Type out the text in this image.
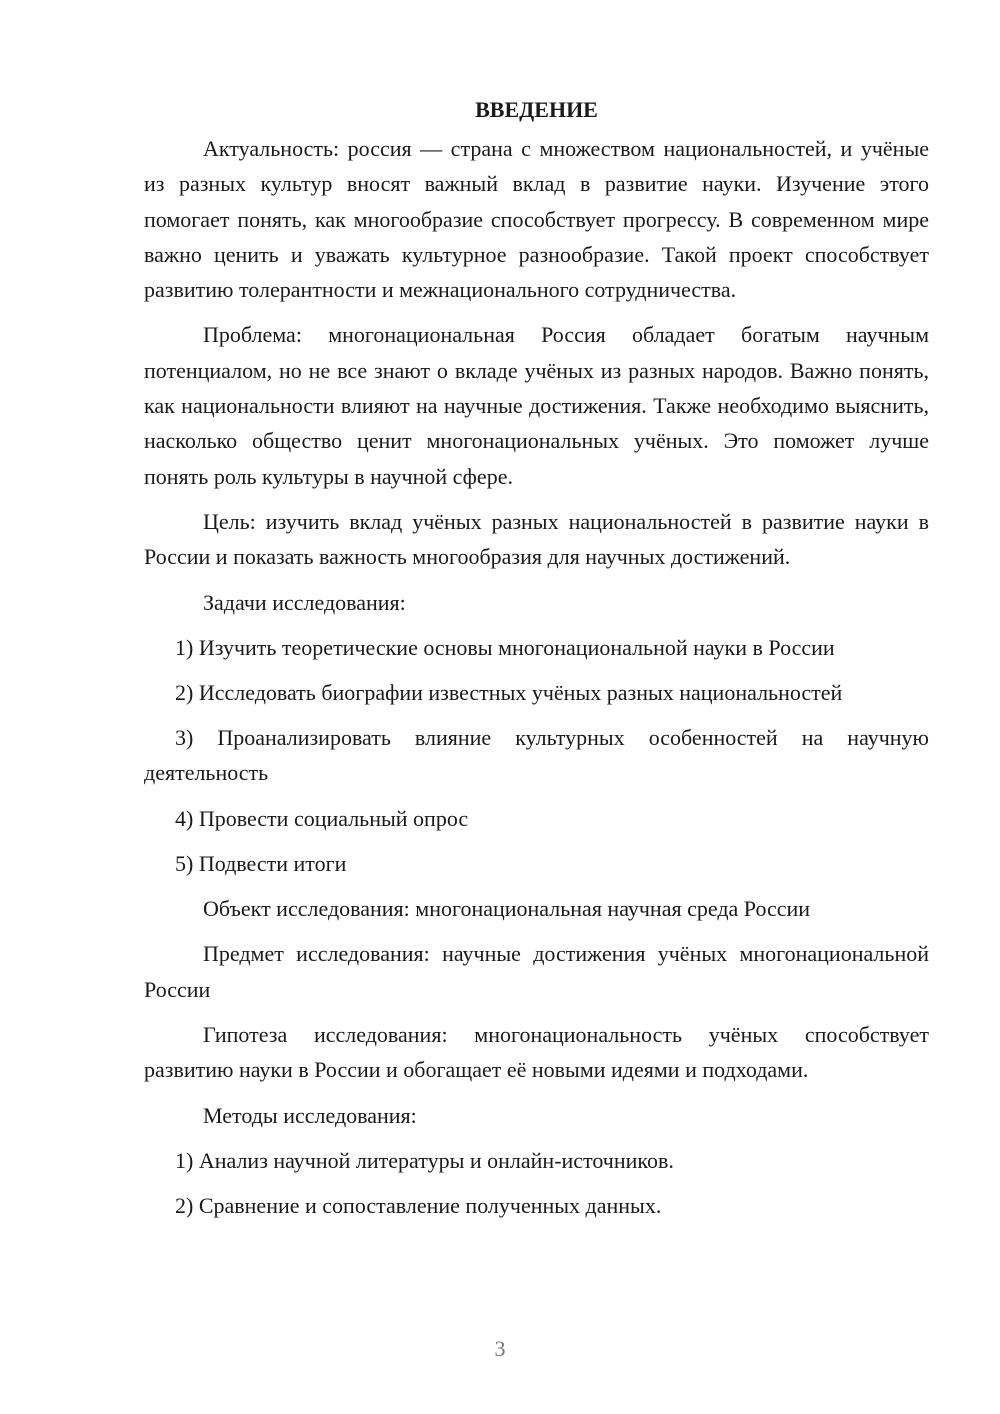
ВВЕДЕНИЕ

Актуальность: россия — страна с множеством национальностей, и учёные из разных культур вносят важный вклад в развитие науки. Изучение этого помогает понять, как многообразие способствует прогрессу. В современном мире важно ценить и уважать культурное разнообразие. Такой проект способствует развитию толерантности и межнационального сотрудничества.

Проблема: многонациональная Россия обладает богатым научным потенциалом, но не все знают о вкладе учёных из разных народов. Важно понять, как национальности влияют на научные достижения. Также необходимо выяснить, насколько общество ценит многонациональных учёных. Это поможет лучше понять роль культуры в научной сфере.

Цель: изучить вклад учёных разных национальностей в развитие науки в России и показать важность многообразия для научных достижений.

Задачи исследования:

1) Изучить теоретические основы многонациональной науки в России

2) Исследовать биографии известных учёных разных национальностей

3) Проанализировать влияние культурных особенностей на научную деятельность

4) Провести социальный опрос

5) Подвести итоги

Объект исследования: многонациональная научная среда России

Предмет исследования: научные достижения учёных многонациональной России

Гипотеза исследования: многонациональность учёных способствует развитию науки в России и обогащает её новыми идеями и подходами.

Методы исследования:

1) Анализ научной литературы и онлайн-источников.

2) Сравнение и сопоставление полученных данных.

3
